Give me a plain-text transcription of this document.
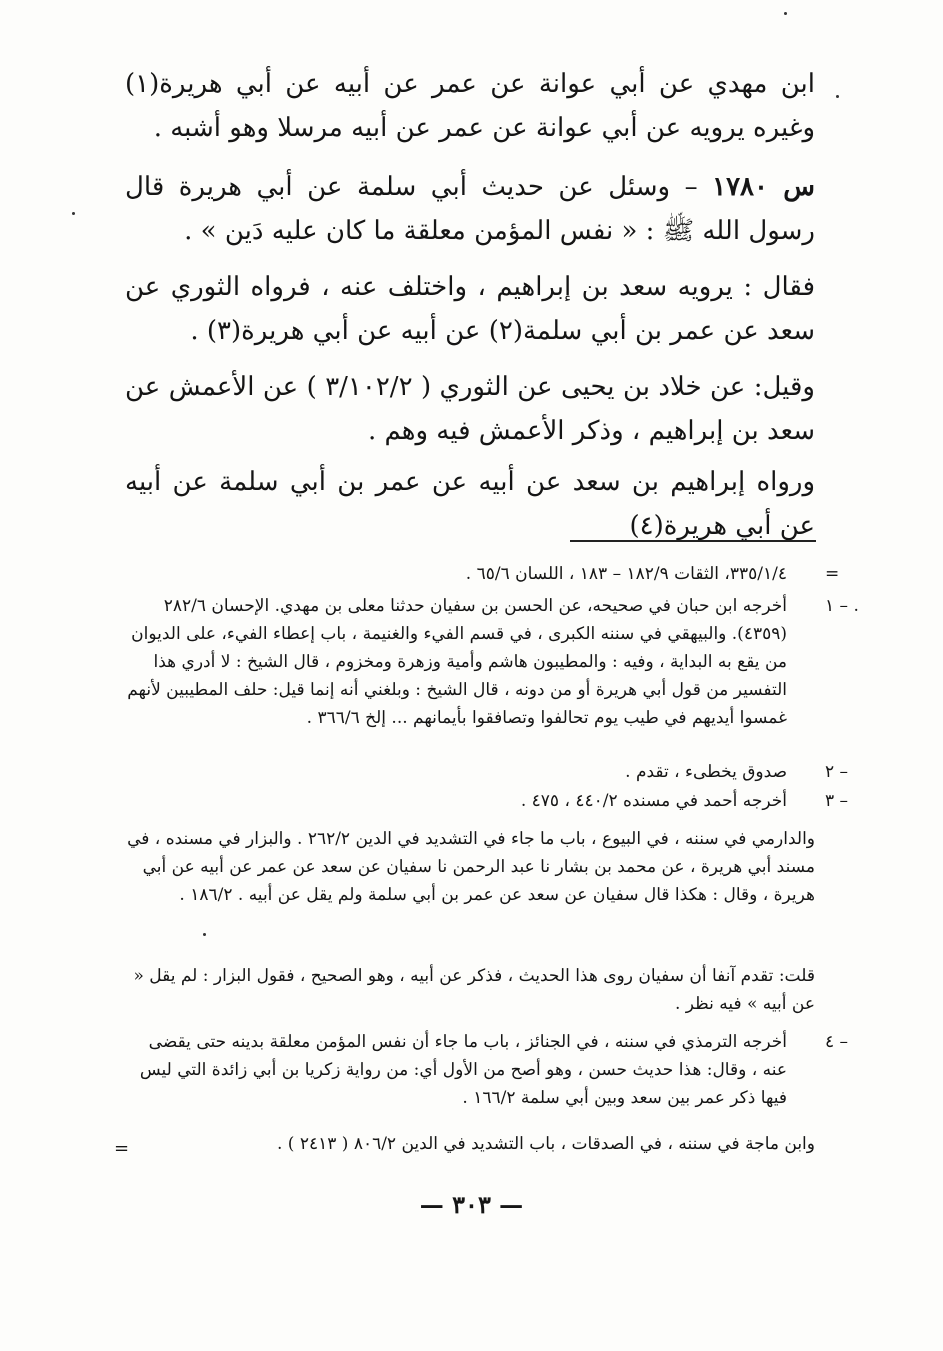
ابن مهدي عن أبي عوانة عن عمر عن أبيه عن أبي هريرة(١) وغيره يرويه عن أبي عوانة عن عمر عن أبيه مرسلا وهو أشبه .

س ١٧٨٠ – وسئل عن حديث أبي سلمة عن أبي هريرة قال رسول الله ﷺ : « نفس المؤمن معلقة ما كان عليه دَين » .

فقال : يرويه سعد بن إبراهيم ، واختلف عنه ، فرواه الثوري عن سعد عن عمر بن أبي سلمة(٢) عن أبيه عن أبي هريرة(٣) .

وقيل: عن خلاد بن يحيى عن الثوري ( ٣/١٠٢/٢ ) عن الأعمش عن سعد بن إبراهيم ، وذكر الأعمش فيه وهم .

ورواه إبراهيم بن سعد عن أبيه عن عمر بن أبي سلمة عن أبيه عن أبي هريرة(٤)

=
٣٣٥/١/٤، الثقات ١٨٢/٩ – ١٨٣ ، اللسان ٦٥/٦ .
١ – .
أخرجه ابن حبان في صحيحه، عن الحسن بن سفيان حدثنا معلى بن مهدي. الإحسان ٢٨٢/٦ (٤٣٥٩). والبيهقي في سننه الكبرى ، في قسم الفيء والغنيمة ، باب إعطاء الفيء، على الديوان من يقع به البداية ، وفيه : والمطيبون هاشم وأمية وزهرة ومخزوم ، قال الشيخ : لا أدري هذا التفسير من قول أبي هريرة أو من دونه ، قال الشيخ : وبلغني أنه إنما قيل: حلف المطيبين لأنهم غمسوا أيديهم في طيب يوم تحالفوا وتصافقوا بأيمانهم ... إلخ ٣٦٦/٦ .
٢ –
صدوق يخطىء ، تقدم .
٣ –
أخرجه أحمد في مسنده ٤٤٠/٢ ، ٤٧٥ .
والدارمي في سننه ، في البيوع ، باب ما جاء في التشديد في الدين ٢٦٢/٢ . والبزار في مسنده ، في مسند أبي هريرة ، عن محمد بن بشار نا عبد الرحمن نا سفيان عن سعد عن عمر عن أبيه عن أبي هريرة ، وقال : هكذا قال سفيان عن سعد عن عمر بن أبي سلمة ولم يقل عن أبيه . ١٨٦/٢ .
قلت: تقدم آنفا أن سفيان روى هذا الحديث ، فذكر عن أبيه ، وهو الصحيح ، فقول البزار : لم يقل « عن أبيه » فيه نظر .
٤ –
أخرجه الترمذي في سننه ، في الجنائز ، باب ما جاء أن نفس المؤمن معلقة بدينه حتى يقضى عنه ، وقال: هذا حديث حسن ، وهو أصح من الأول أي: من رواية زكريا بن أبي زائدة التي ليس فيها ذكر عمر بين سعد وبين أبي سلمة ١٦٦/٢ .
وابن ماجة في سننه ، في الصدقات ، باب التشديد في الدين ٨٠٦/٢ ( ٢٤١٣ ) .
=
— ٣٠٣ —
